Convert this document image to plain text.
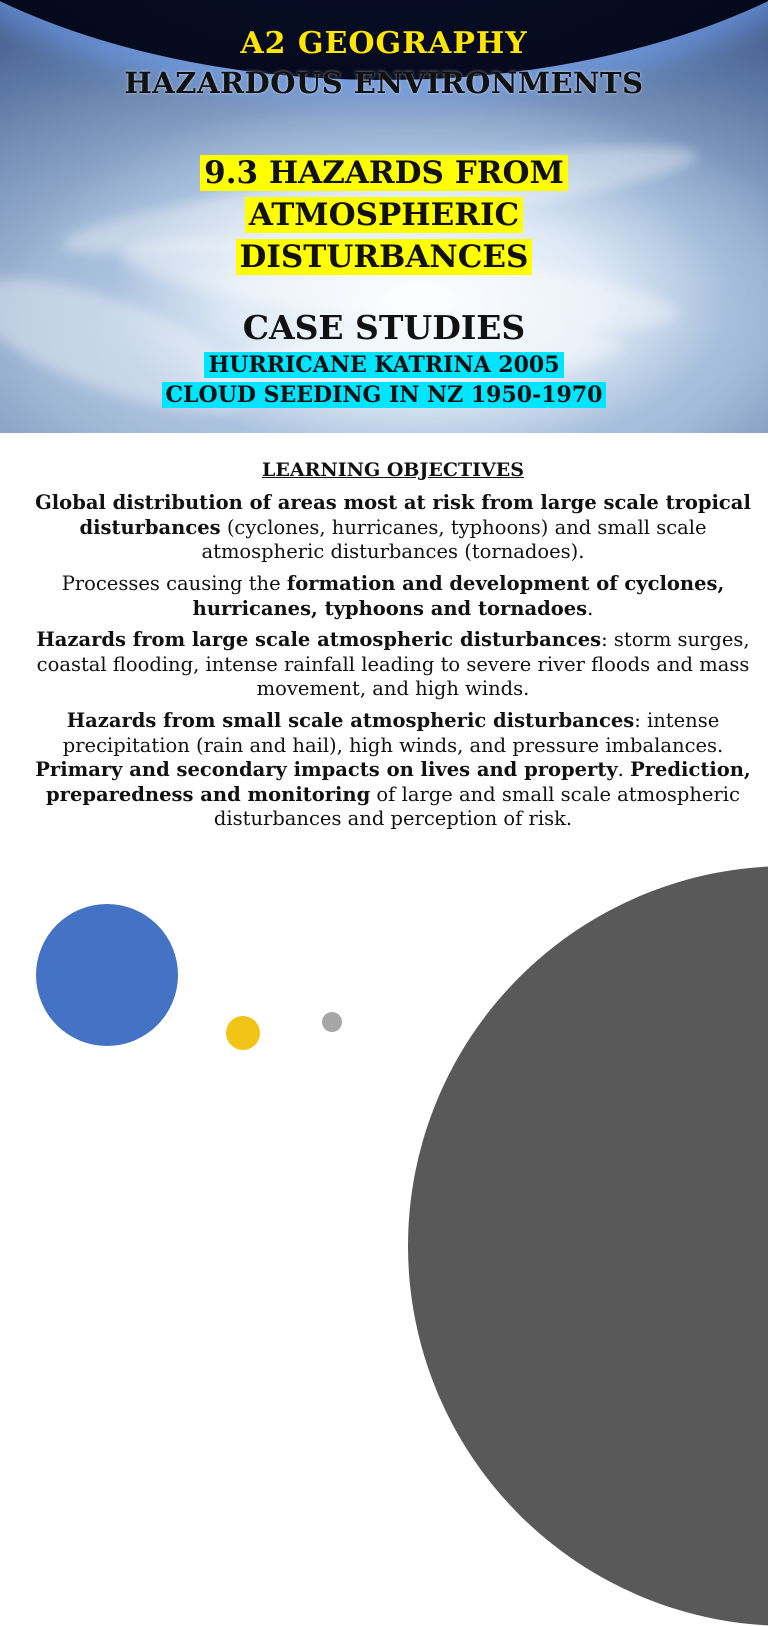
A2 GEOGRAPHY
HAZARDOUS ENVIRONMENTS
9.3 HAZARDS FROM
ATMOSPHERIC
DISTURBANCES
CASE STUDIES
HURRICANE KATRINA 2005
CLOUD SEEDING IN NZ 1950-1970
LEARNING OBJECTIVES
Global distribution of areas most at risk from large scale tropical disturbances (cyclones, hurricanes, typhoons) and small scale atmospheric disturbances (tornadoes).
Processes causing the formation and development of cyclones, hurricanes, typhoons and tornadoes.
Hazards from large scale atmospheric disturbances: storm surges, coastal flooding, intense rainfall leading to severe river floods and mass movement, and high winds.
Hazards from small scale atmospheric disturbances: intense precipitation (rain and hail), high winds, and pressure imbalances. Primary and secondary impacts on lives and property. Prediction, preparedness and monitoring of large and small scale atmospheric disturbances and perception of risk.
